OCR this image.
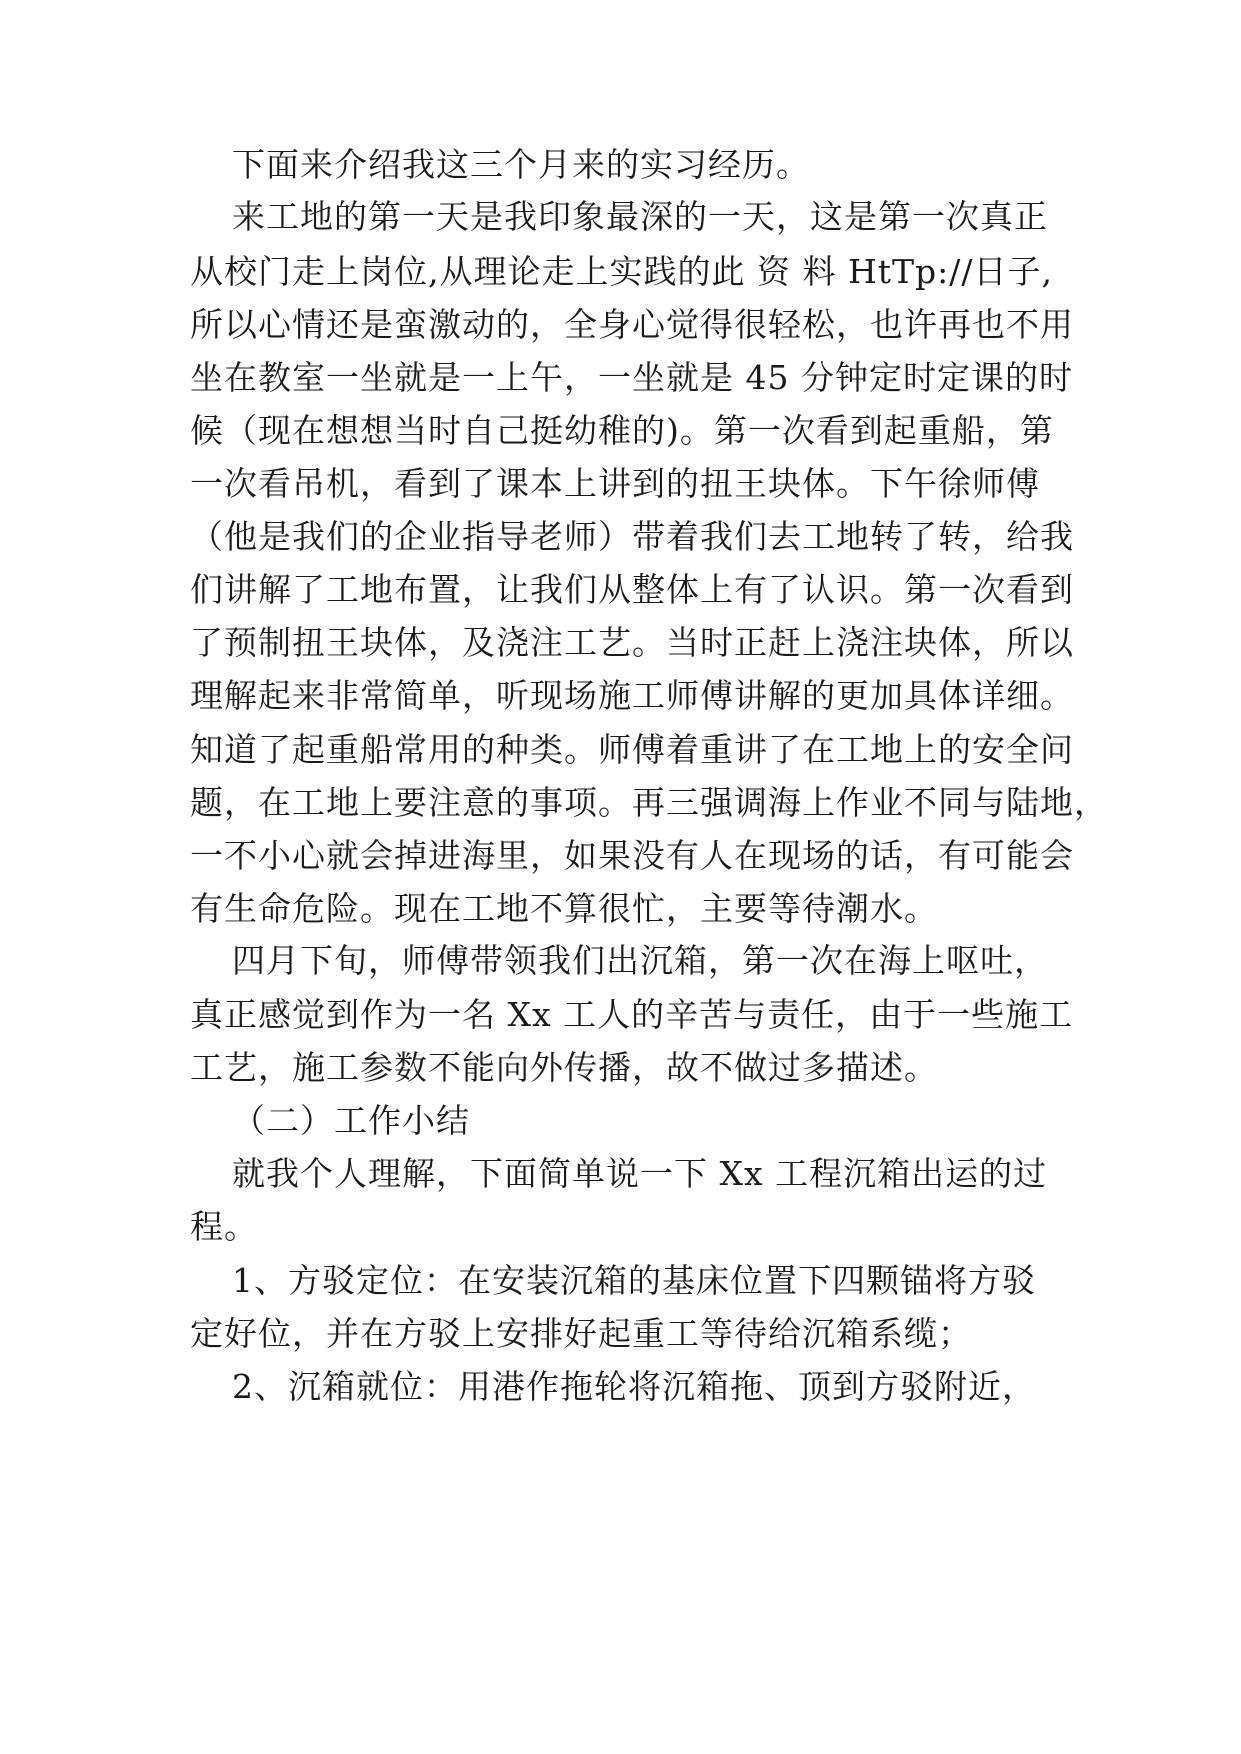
下面来介绍我这三个月来的实习经历。
来工地的第一天是我印象最深的一天，这是第一次真正
从校门走上岗位,从理论走上实践的此 资 料 HtTp://日子,
所以心情还是蛮激动的，全身心觉得很轻松，也许再也不用
坐在教室一坐就是一上午，一坐就是 45 分钟定时定课的时
候（现在想想当时自己挺幼稚的)。第一次看到起重船，第
一次看吊机，看到了课本上讲到的扭王块体。下午徐师傅
（他是我们的企业指导老师）带着我们去工地转了转，给我
们讲解了工地布置，让我们从整体上有了认识。第一次看到
了预制扭王块体，及浇注工艺。当时正赶上浇注块体，所以
理解起来非常简单，听现场施工师傅讲解的更加具体详细。
知道了起重船常用的种类。师傅着重讲了在工地上的安全问
题，在工地上要注意的事项。再三强调海上作业不同与陆地，
一不小心就会掉进海里，如果没有人在现场的话，有可能会
有生命危险。现在工地不算很忙，主要等待潮水。
四月下旬，师傅带领我们出沉箱，第一次在海上呕吐，
真正感觉到作为一名 Xx 工人的辛苦与责任，由于一些施工
工艺，施工参数不能向外传播，故不做过多描述。
（二）工作小结
就我个人理解，下面简单说一下 Xx 工程沉箱出运的过
程。
1、方驳定位：在安装沉箱的基床位置下四颗锚将方驳
定好位，并在方驳上安排好起重工等待给沉箱系缆；
2、沉箱就位：用港作拖轮将沉箱拖、顶到方驳附近，
